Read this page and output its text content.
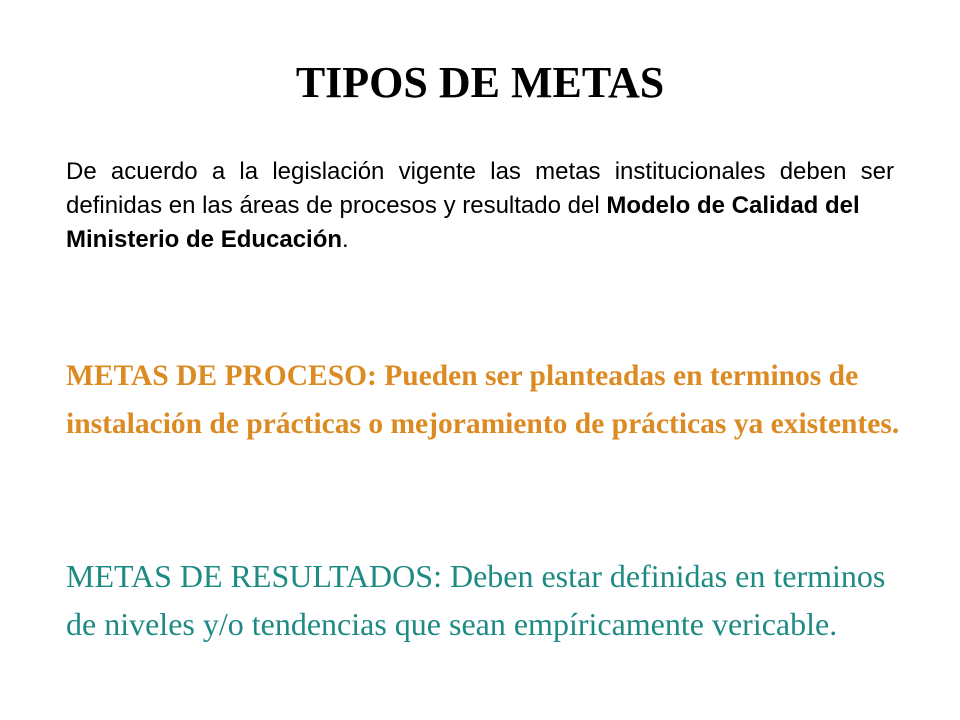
TIPOS DE METAS

De acuerdo a la legislación vigente las metas institucionales deben ser definidas en las áreas de procesos y resultado del Modelo de Calidad del
Ministerio de Educación.

METAS DE PROCESO: Pueden ser planteadas en terminos de instalación de prácticas o mejoramiento de prácticas ya existentes.

METAS DE RESULTADOS: Deben estar definidas en terminos de niveles y/o tendencias que sean empíricamente vericable.
